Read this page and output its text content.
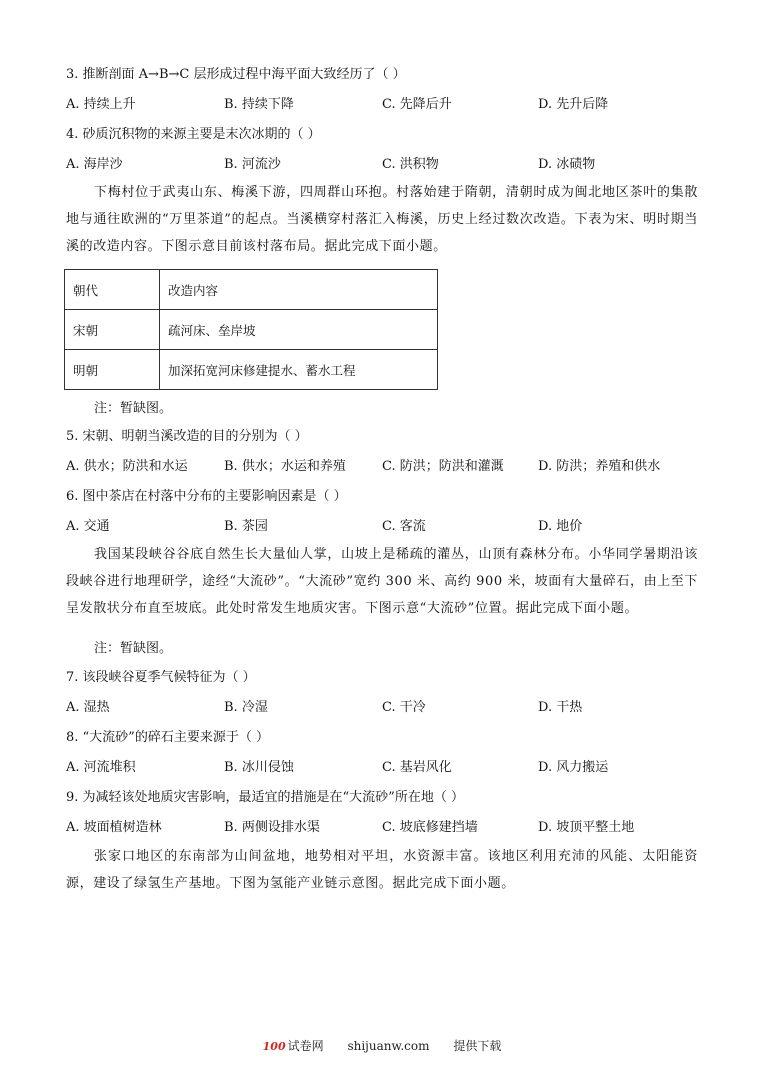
3. 推断剖面 A→B→C 层形成过程中海平面大致经历了（ ）
A. 持续上升	B. 持续下降	C. 先降后升	D. 先升后降
4. 砂质沉积物的来源主要是末次冰期的（ ）
A. 海岸沙	B. 河流沙	C. 洪积物	D. 冰碛物
下梅村位于武夷山东、梅溪下游，四周群山环抱。村落始建于隋朝，清朝时成为闽北地区茶叶的集散地与通往欧洲的“万里茶道”的起点。当溪横穿村落汇入梅溪，历史上经过数次改造。下表为宋、明时期当溪的改造内容。下图示意目前该村落布局。据此完成下面小题。
朝代	改造内容
宋朝	疏河床、垒岸坡
明朝	加深拓宽河床修建提水、蓄水工程
注：暂缺图。
5. 宋朝、明朝当溪改造的目的分别为（ ）
A. 供水；防洪和水运	B. 供水；水运和养殖	C. 防洪；防洪和灌溉	D. 防洪；养殖和供水
6. 图中茶店在村落中分布的主要影响因素是（ ）
A. 交通	B. 茶园	C. 客流	D. 地价
我国某段峡谷谷底自然生长大量仙人掌，山坡上是稀疏的灌丛，山顶有森林分布。小华同学暑期沿该段峡谷进行地理研学，途经“大流砂”。“大流砂”宽约 300 米、高约 900 米，坡面有大量碎石，由上至下呈发散状分布直至坡底。此处时常发生地质灾害。下图示意“大流砂”位置。据此完成下面小题。
注：暂缺图。
7. 该段峡谷夏季气候特征为（ ）
A. 湿热	B. 冷湿	C. 干冷	D. 干热
8. “大流砂”的碎石主要来源于（ ）
A. 河流堆积	B. 冰川侵蚀	C. 基岩风化	D. 风力搬运
9. 为减轻该处地质灾害影响，最适宜的措施是在“大流砂”所在地（ ）
A. 坡面植树造林	B. 两侧设排水渠	C. 坡底修建挡墙	D. 坡顶平整土地
张家口地区的东南部为山间盆地，地势相对平坦，水资源丰富。该地区利用充沛的风能、太阳能资源，建设了绿氢生产基地。下图为氢能产业链示意图。据此完成下面小题。
100 试卷网 shijuanw.com 提供下载
